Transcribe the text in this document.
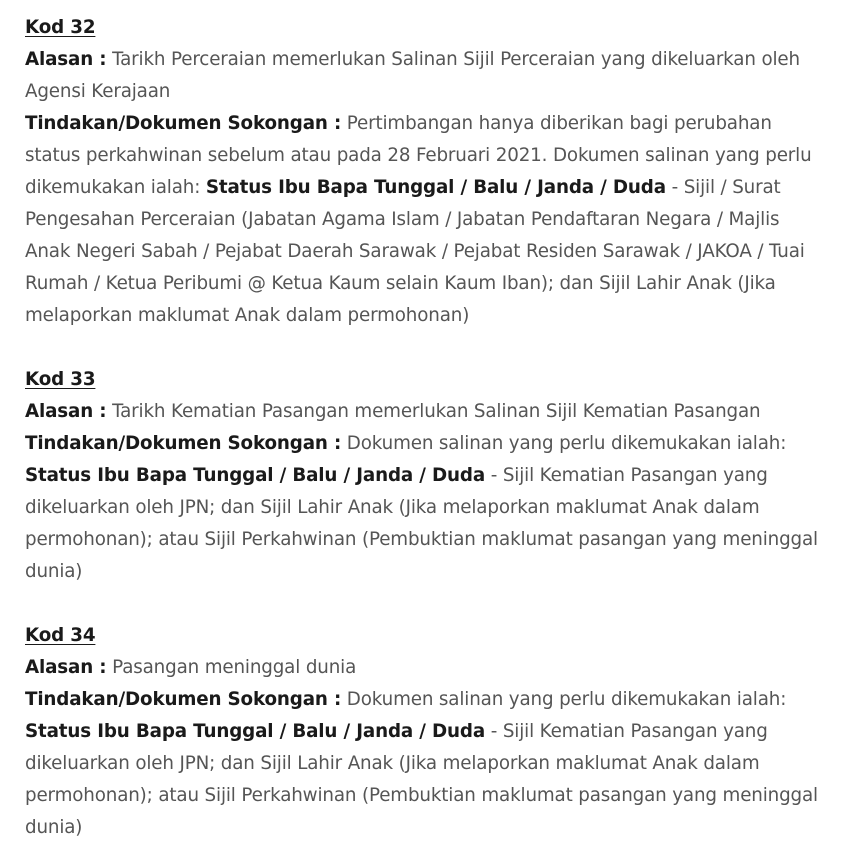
Kod 32

Alasan : Tarikh Perceraian memerlukan Salinan Sijil Perceraian yang dikeluarkan oleh Agensi Kerajaan

Tindakan/Dokumen Sokongan : Pertimbangan hanya diberikan bagi perubahan status perkahwinan sebelum atau pada 28 Februari 2021. Dokumen salinan yang perlu dikemukakan ialah: Status Ibu Bapa Tunggal / Balu / Janda / Duda - Sijil / Surat Pengesahan Perceraian (Jabatan Agama Islam / Jabatan Pendaftaran Negara / Majlis Anak Negeri Sabah / Pejabat Daerah Sarawak / Pejabat Residen Sarawak / JAKOA / Tuai Rumah / Ketua Peribumi @ Ketua Kaum selain Kaum Iban); dan Sijil Lahir Anak (Jika melaporkan maklumat Anak dalam permohonan)

Kod 33

Alasan : Tarikh Kematian Pasangan memerlukan Salinan Sijil Kematian Pasangan

Tindakan/Dokumen Sokongan : Dokumen salinan yang perlu dikemukakan ialah:
Status Ibu Bapa Tunggal / Balu / Janda / Duda - Sijil Kematian Pasangan yang dikeluarkan oleh JPN; dan Sijil Lahir Anak (Jika melaporkan maklumat Anak dalam permohonan); atau Sijil Perkahwinan (Pembuktian maklumat pasangan yang meninggal dunia)

Kod 34

Alasan : Pasangan meninggal dunia

Tindakan/Dokumen Sokongan : Dokumen salinan yang perlu dikemukakan ialah:
Status Ibu Bapa Tunggal / Balu / Janda / Duda - Sijil Kematian Pasangan yang dikeluarkan oleh JPN; dan Sijil Lahir Anak (Jika melaporkan maklumat Anak dalam permohonan); atau Sijil Perkahwinan (Pembuktian maklumat pasangan yang meninggal dunia)
